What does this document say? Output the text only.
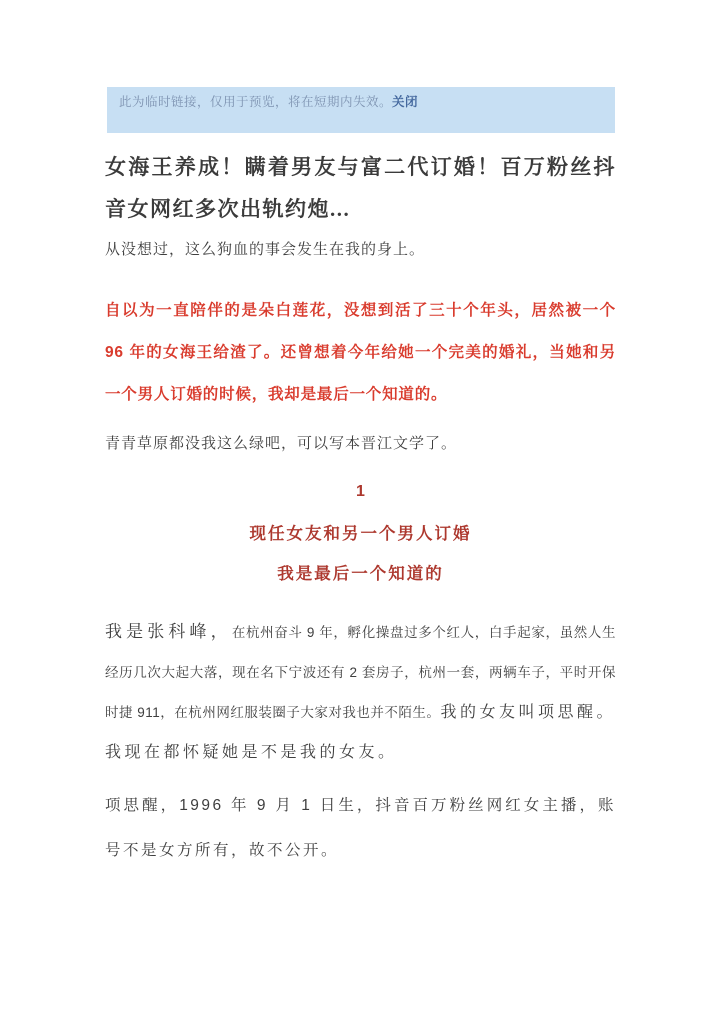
此为临时链接，仅用于预览，将在短期内失效。关闭
女海王养成！瞒着男友与富二代订婚！百万粉丝抖音女网红多次出轨约炮...

从没想过，这么狗血的事会发生在我的身上。

自以为一直陪伴的是朵白莲花，没想到活了三十个年头，居然被一个 96 年的女海王给渣了。还曾想着今年给她一个完美的婚礼，当她和另一个男人订婚的时候，我却是最后一个知道的。

青青草原都没我这么绿吧，可以写本晋江文学了。

1
现任女友和另一个男人订婚
我是最后一个知道的

我是张科峰，在杭州奋斗 9 年，孵化操盘过多个红人，白手起家，虽然人生经历几次大起大落，现在名下宁波还有 2 套房子，杭州一套，两辆车子，平时开保时捷 911，在杭州网红服装圈子大家对我也并不陌生。我的女友叫项思醒。我现在都怀疑她是不是我的女友。

项思醒，1996 年 9 月 1 日生，抖音百万粉丝网红女主播，账号不是女方所有，故不公开。
